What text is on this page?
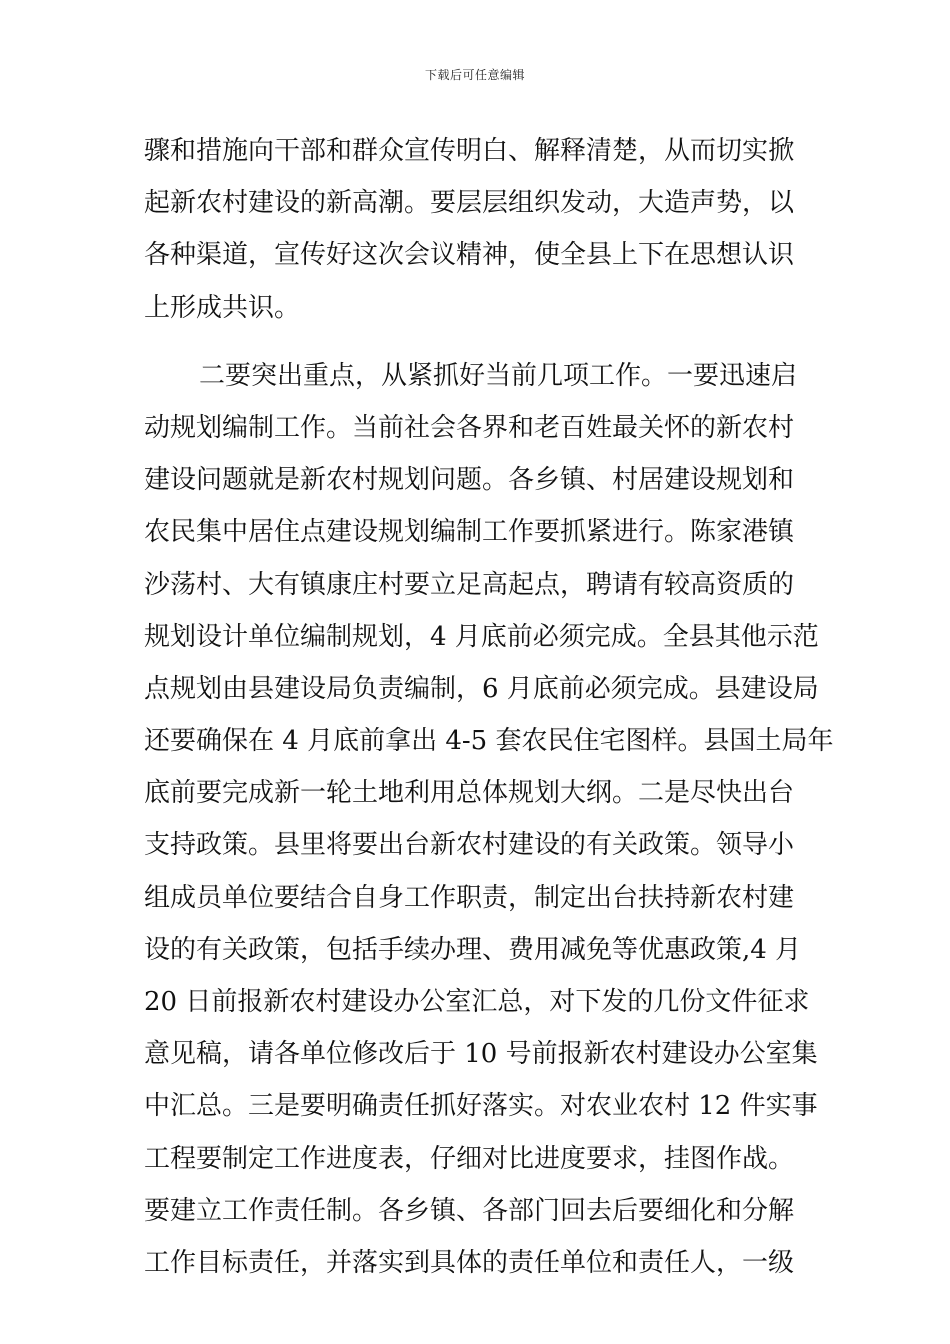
下载后可任意编辑
骤和措施向干部和群众宣传明白、解释清楚，从而切实掀
起新农村建设的新高潮。要层层组织发动，大造声势，以
各种渠道，宣传好这次会议精神，使全县上下在思想认识
上形成共识。
二要突出重点，从紧抓好当前几项工作。一要迅速启
动规划编制工作。当前社会各界和老百姓最关怀的新农村
建设问题就是新农村规划问题。各乡镇、村居建设规划和
农民集中居住点建设规划编制工作要抓紧进行。陈家港镇
沙荡村、大有镇康庄村要立足高起点，聘请有较高资质的
规划设计单位编制规划，4 月底前必须完成。全县其他示范
点规划由县建设局负责编制，6 月底前必须完成。县建设局
还要确保在 4 月底前拿出 4-5 套农民住宅图样。县国土局年
底前要完成新一轮土地利用总体规划大纲。二是尽快出台
支持政策。县里将要出台新农村建设的有关政策。领导小
组成员单位要结合自身工作职责，制定出台扶持新农村建
设的有关政策，包括手续办理、费用减免等优惠政策,4 月
20 日前报新农村建设办公室汇总，对下发的几份文件征求
意见稿，请各单位修改后于 10 号前报新农村建设办公室集
中汇总。三是要明确责任抓好落实。对农业农村 12 件实事
工程要制定工作进度表，仔细对比进度要求，挂图作战。
要建立工作责任制。各乡镇、各部门回去后要细化和分解
工作目标责任，并落实到具体的责任单位和责任人，一级
